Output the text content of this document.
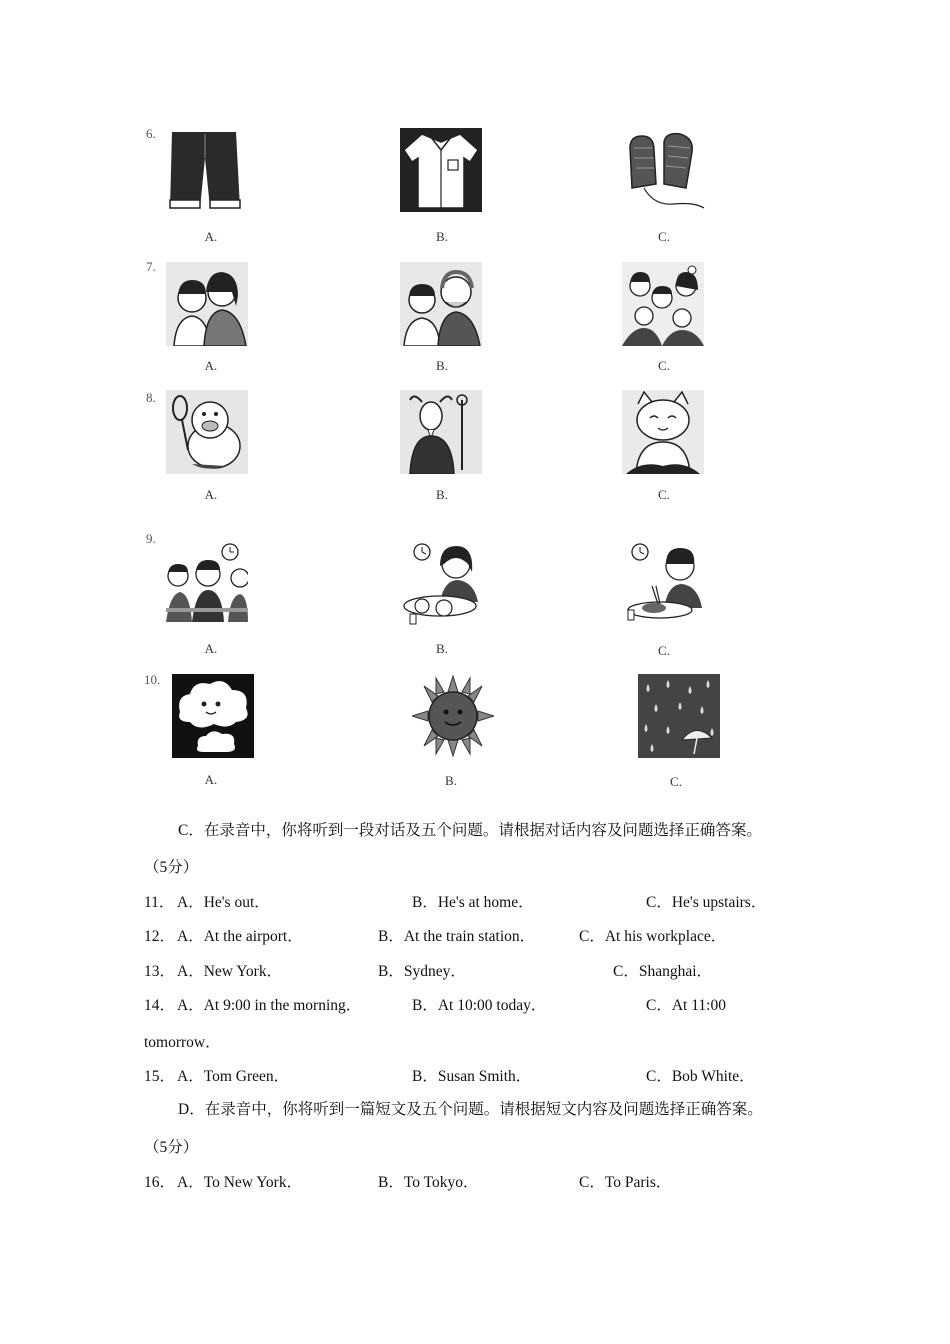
6.
A.	B.	C.
7.
A.	B.	C.
8.
A.	B.	C.
9.
A.	B.	C.
10.
A.	B.	C.
C．在录音中，你将听到一段对话及五个问题。请根据对话内容及问题选择正确答案。
（5分）
11． A．He's out．	B．He's at home．	C．He's upstairs．
12． A．At the airport．	B．At the train station．	C．At his workplace．
13． A．New York．	B．Sydney．	C．Shanghai．
14． A．At 9:00 in the morning．	B．At 10:00 today．	C．At 11:00
tomorrow．
15． A．Tom Green．	B．Susan Smith．	C．Bob White．
D．在录音中，你将听到一篇短文及五个问题。请根据短文内容及问题选择正确答案。
（5分）
16． A．To New York．	B．To Tokyo．	C．To Paris．
